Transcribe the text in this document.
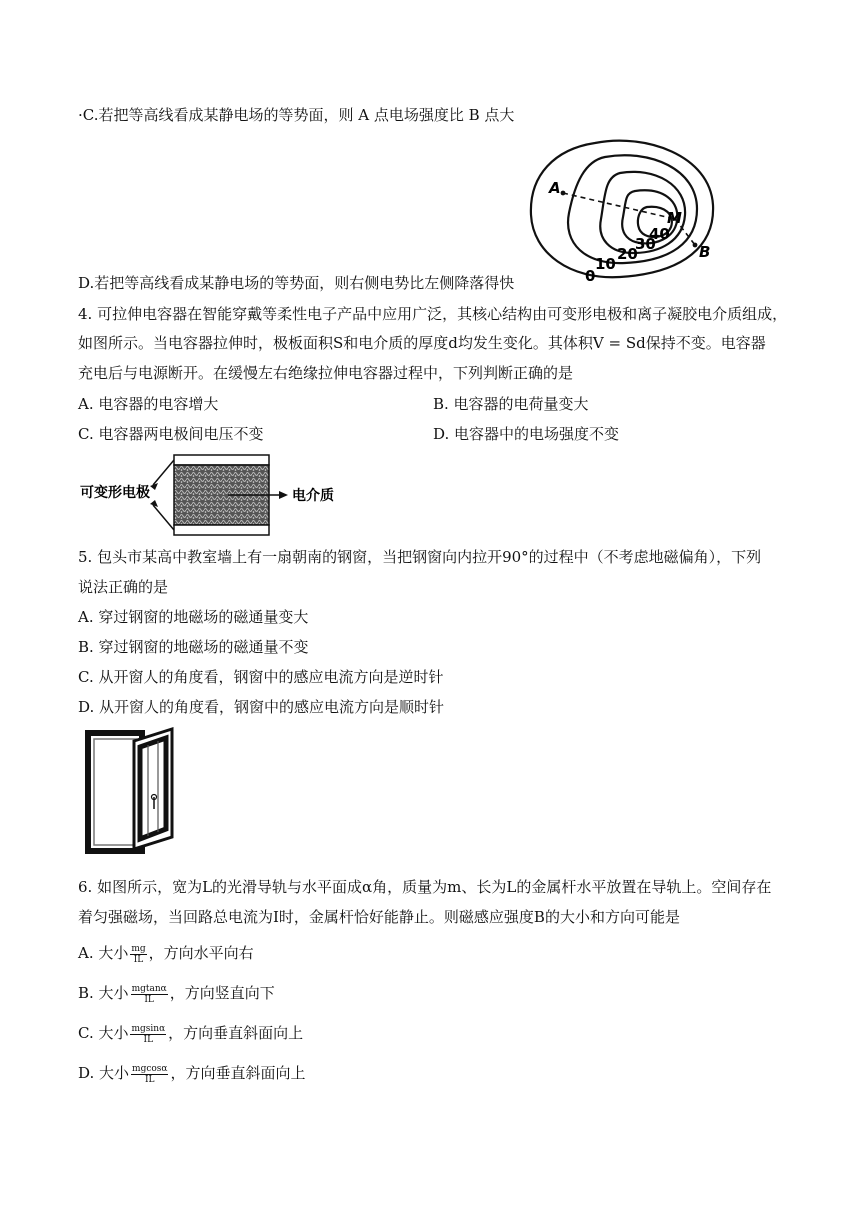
·C.若把等高线看成某静电场的等势面，则 A 点电场强度比 B 点大
A
M
B
0
10
20
30
40
D.若把等高线看成某静电场的等势面，则右侧电势比左侧降落得快
4. 可拉伸电容器在智能穿戴等柔性电子产品中应用广泛，其核心结构由可变形电极和离子凝胶电介质组成，
如图所示。当电容器拉伸时，极板面积S和电介质的厚度d均发生变化。其体积V = Sd保持不变。电容器
充电后与电源断开。在缓慢左右绝缘拉伸电容器过程中，下列判断正确的是
A. 电容器的电容增大	B. 电容器的电荷量变大
C. 电容器两电极间电压不变	D. 电容器中的电场强度不变
可变形电极	电介质
5. 包头市某高中教室墙上有一扇朝南的钢窗，当把钢窗向内拉开90°的过程中（不考虑地磁偏角），下列
说法正确的是
A. 穿过钢窗的地磁场的磁通量变大
B. 穿过钢窗的地磁场的磁通量不变
C. 从开窗人的角度看，钢窗中的感应电流方向是逆时针
D. 从开窗人的角度看，钢窗中的感应电流方向是顺时针
6. 如图所示，宽为L的光滑导轨与水平面成α角，质量为m、长为L的金属杆水平放置在导轨上。空间存在
着匀强磁场，当回路总电流为I时，金属杆恰好能静止。则磁感应强度B的大小和方向可能是
A. 大小 $\frac{mg}{IL}$ ，方向水平向右
B. 大小 $\frac{mgtan\alpha}{IL}$ ，方向竖直向下
C. 大小 $\frac{mgsin\alpha}{IL}$ ，方向垂直斜面向上
D. 大小 $\frac{mgcos\alpha}{IL}$ ，方向垂直斜面向上
